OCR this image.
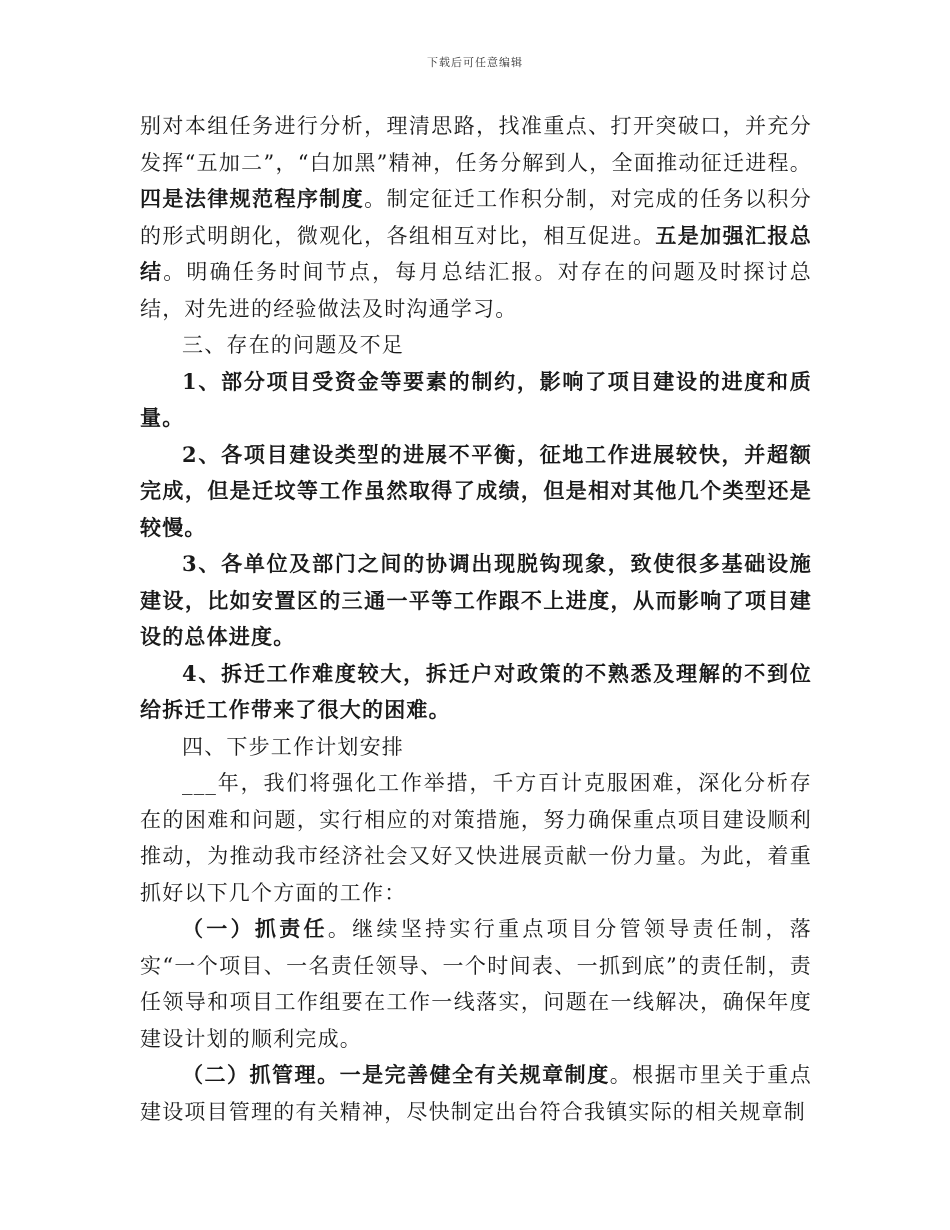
下载后可任意编辑

别对本组任务进行分析，理清思路，找准重点、打开突破口，并充分发挥“五加二”，“白加黑”精神，任务分解到人，全面推动征迁进程。四是法律规范程序制度。制定征迁工作积分制，对完成的任务以积分的形式明朗化，微观化，各组相互对比，相互促进。五是加强汇报总结。明确任务时间节点，每月总结汇报。对存在的问题及时探讨总结，对先进的经验做法及时沟通学习。

三、存在的问题及不足

1、部分项目受资金等要素的制约，影响了项目建设的进度和质量。

2、各项目建设类型的进展不平衡，征地工作进展较快，并超额完成，但是迁坟等工作虽然取得了成绩，但是相对其他几个类型还是较慢。

3、各单位及部门之间的协调出现脱钩现象，致使很多基础设施建设，比如安置区的三通一平等工作跟不上进度，从而影响了项目建设的总体进度。

4、拆迁工作难度较大，拆迁户对政策的不熟悉及理解的不到位给拆迁工作带来了很大的困难。

四、下步工作计划安排

___年，我们将强化工作举措，千方百计克服困难，深化分析存在的困难和问题，实行相应的对策措施，努力确保重点项目建设顺利推动，为推动我市经济社会又好又快进展贡献一份力量。为此，着重抓好以下几个方面的工作：

（一）抓责任。继续坚持实行重点项目分管领导责任制，落实“一个项目、一名责任领导、一个时间表、一抓到底”的责任制，责任领导和项目工作组要在工作一线落实，问题在一线解决，确保年度建设计划的顺利完成。

（二）抓管理。一是完善健全有关规章制度。根据市里关于重点建设项目管理的有关精神，尽快制定出台符合我镇实际的相关规章制
